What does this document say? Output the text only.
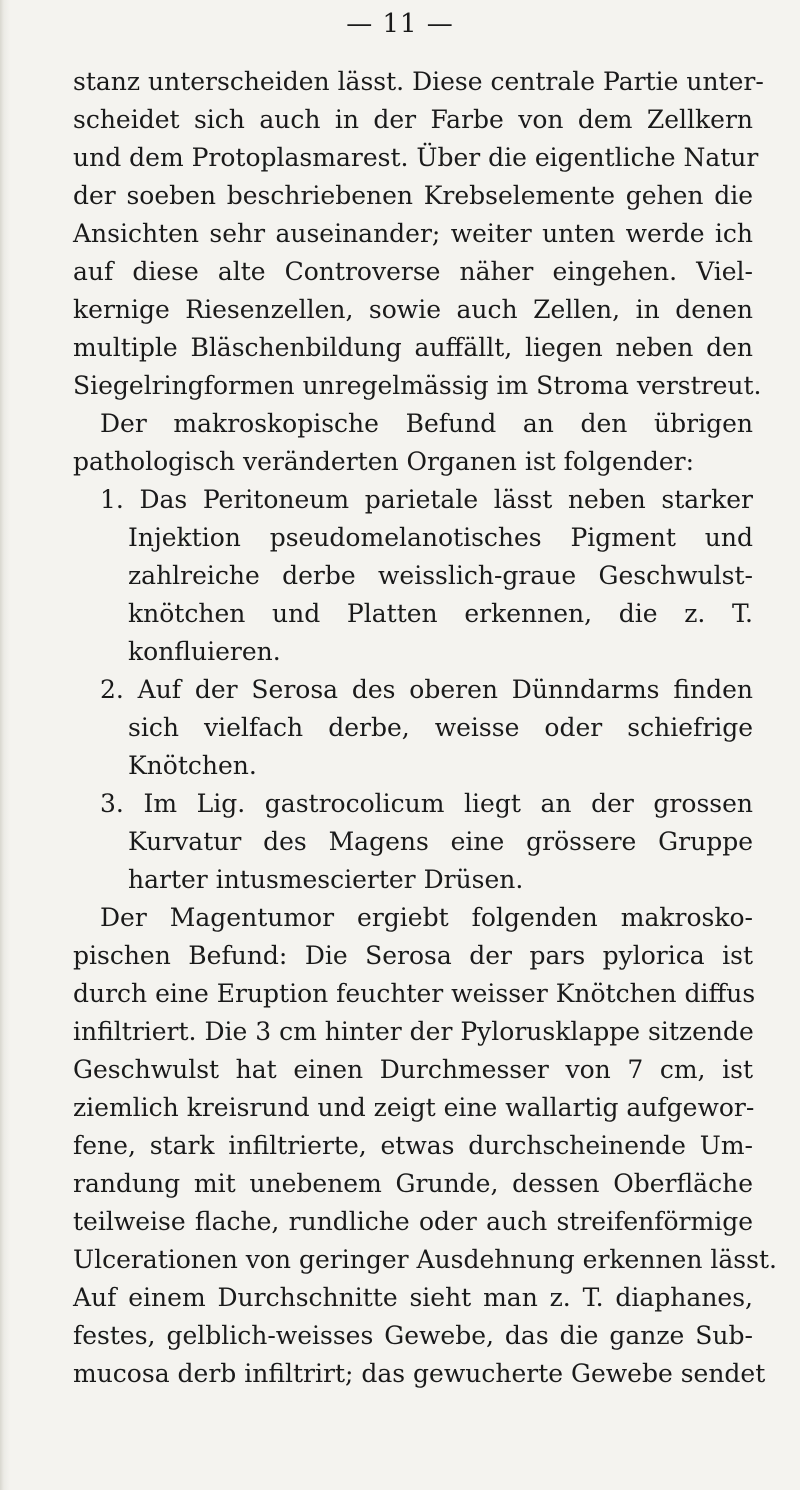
— 11 —
stanz unterscheiden lässt. Diese centrale Partie unter-
scheidet sich auch in der Farbe von dem Zellkern
und dem Protoplasmarest. Über die eigentliche Natur
der soeben beschriebenen Krebselemente gehen die
Ansichten sehr auseinander; weiter unten werde ich
auf diese alte Controverse näher eingehen. Viel-
kernige Riesenzellen, sowie auch Zellen, in denen
multiple Bläschenbildung auffällt, liegen neben den
Siegelringformen unregelmässig im Stroma verstreut.
Der makroskopische Befund an den übrigen
pathologisch veränderten Organen ist folgender:
1. Das Peritoneum parietale lässt neben starker
Injektion pseudomelanotisches Pigment und
zahlreiche derbe weisslich-graue Geschwulst-
knötchen und Platten erkennen, die z. T.
konfluieren.
2. Auf der Serosa des oberen Dünndarms finden
sich vielfach derbe, weisse oder schiefrige
Knötchen.
3. Im Lig. gastrocolicum liegt an der grossen
Kurvatur des Magens eine grössere Gruppe
harter intusmescierter Drüsen.
Der Magentumor ergiebt folgenden makrosko-
pischen Befund: Die Serosa der pars pylorica ist
durch eine Eruption feuchter weisser Knötchen diffus
infiltriert. Die 3 cm hinter der Pylorusklappe sitzende
Geschwulst hat einen Durchmesser von 7 cm, ist
ziemlich kreisrund und zeigt eine wallartig aufgewor-
fene, stark infiltrierte, etwas durchscheinende Um-
randung mit unebenem Grunde, dessen Oberfläche
teilweise flache, rundliche oder auch streifenförmige
Ulcerationen von geringer Ausdehnung erkennen lässt.
Auf einem Durchschnitte sieht man z. T. diaphanes,
festes, gelblich-weisses Gewebe, das die ganze Sub-
mucosa derb infiltrirt; das gewucherte Gewebe sendet
